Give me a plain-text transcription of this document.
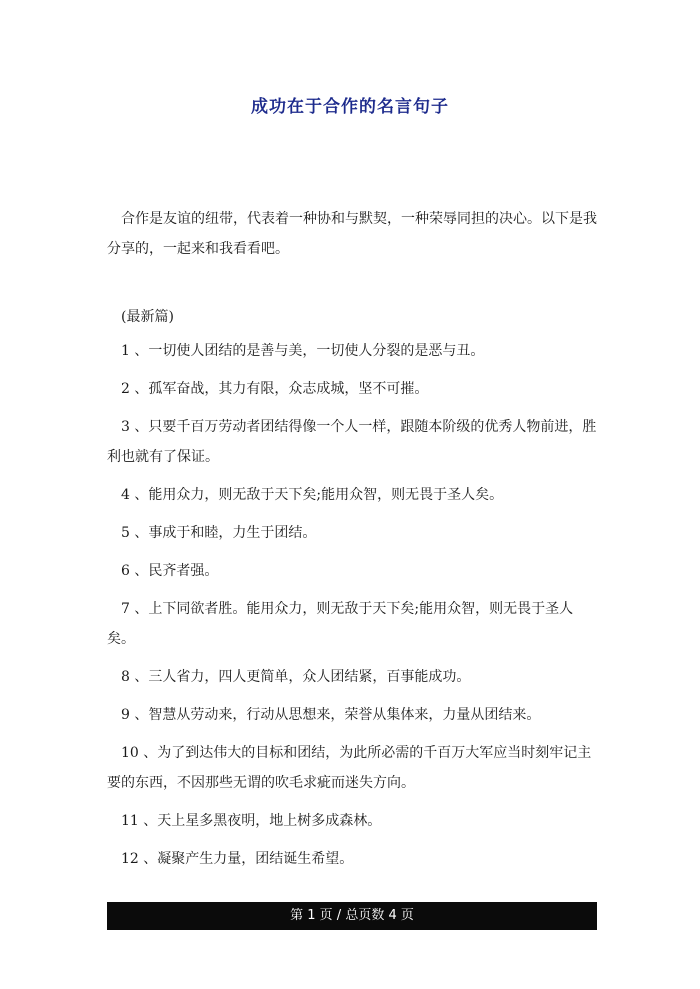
成功在于合作的名言句子

合作是友谊的纽带，代表着一种协和与默契，一种荣辱同担的决心。以下是我分享的，一起来和我看看吧。

(最新篇)
1 、一切使人团结的是善与美，一切使人分裂的是恶与丑。
2 、孤军奋战，其力有限，众志成城，坚不可摧。
3 、只要千百万劳动者团结得像一个人一样，跟随本阶级的优秀人物前进，胜利也就有了保证。
4 、能用众力，则无敌于天下矣;能用众智，则无畏于圣人矣。
5 、事成于和睦，力生于团结。
6 、民齐者强。
7 、上下同欲者胜。能用众力，则无敌于天下矣;能用众智，则无畏于圣人矣。
8 、三人省力，四人更简单，众人团结紧，百事能成功。
9 、智慧从劳动来，行动从思想来，荣誉从集体来，力量从团结来。
10 、为了到达伟大的目标和团结，为此所必需的千百万大军应当时刻牢记主要的东西，不因那些无谓的吹毛求疵而迷失方向。
11 、天上星多黑夜明，地上树多成森林。
12 、凝聚产生力量，团结诞生希望。
第 1 页 / 总页数 4 页
